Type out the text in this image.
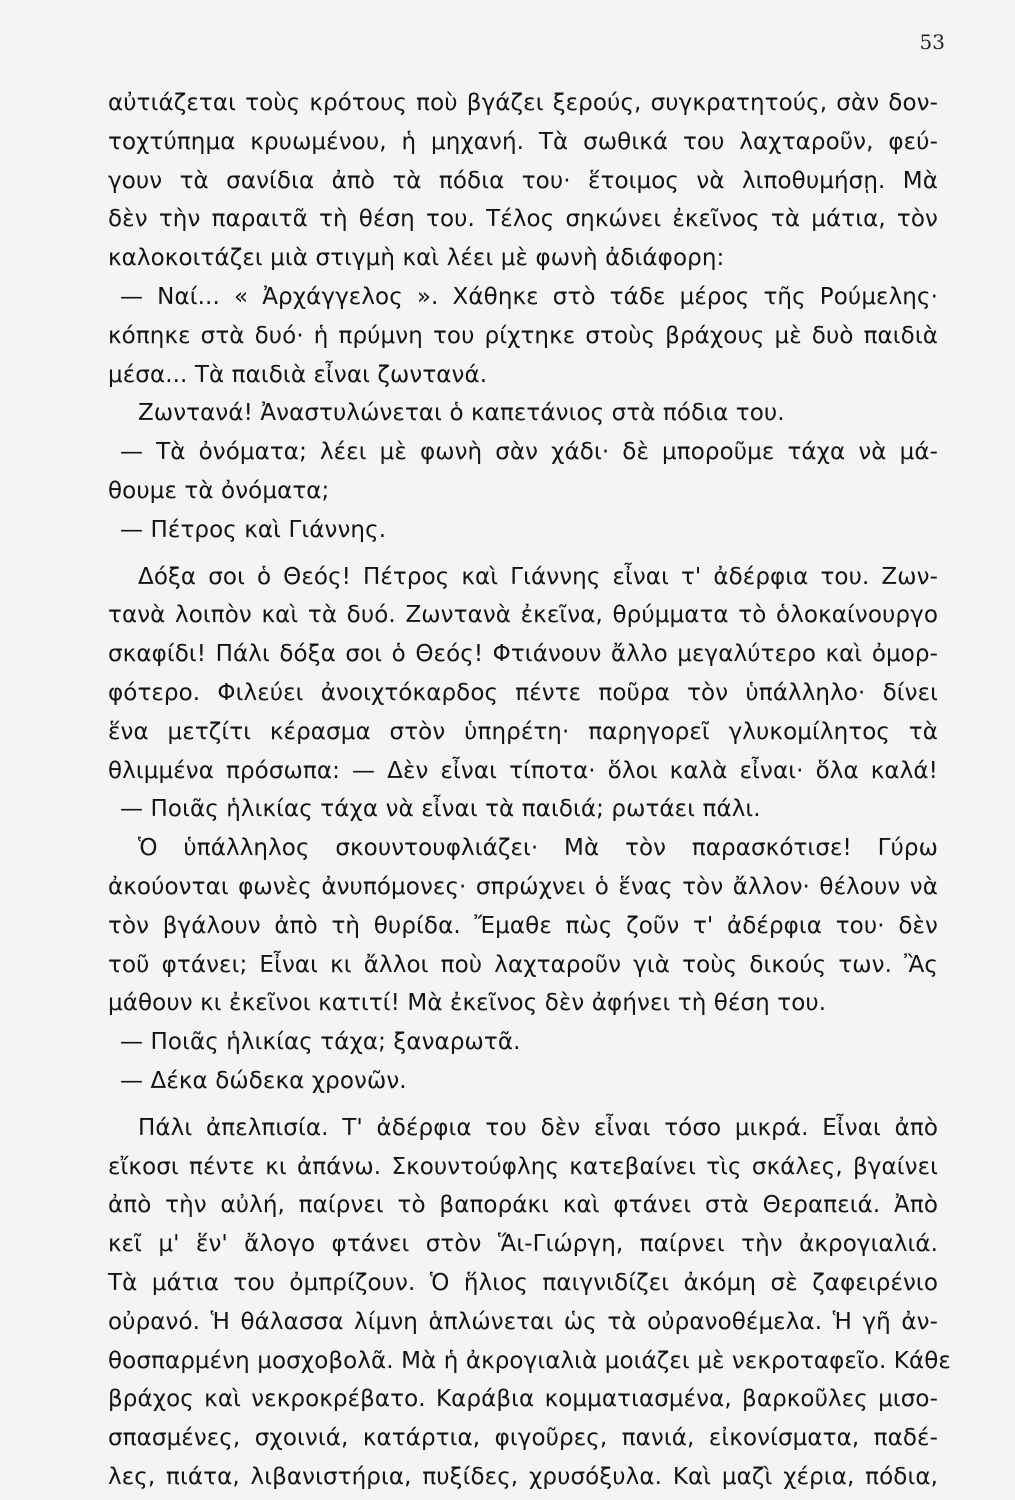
53
αὐτιάζεται τοὺς κρότους ποὺ βγάζει ξερούς, συγκρατητούς, σὰν δον-
τοχτύπημα κρυωμένου, ἡ μηχανή. Τὰ σωθικά του λαχταροῦν, φεύ-
γουν τὰ σανίδια ἀπὸ τὰ πόδια του· ἕτοιμος νὰ λιποθυμήσῃ. Μὰ
δὲν τὴν παραιτᾶ τὴ θέση του. Τέλος σηκώνει ἐκεῖνος τὰ μάτια, τὸν
καλοκοιτάζει μιὰ στιγμὴ καὶ λέει μὲ φωνὴ ἀδιάφορη:
— Ναί... « Ἀρχάγγελος ». Χάθηκε στὸ τάδε μέρος τῆς Ρούμελης·
κόπηκε στὰ δυό· ἡ πρύμνη του ρίχτηκε στοὺς βράχους μὲ δυὸ παιδιὰ
μέσα... Τὰ παιδιὰ εἶναι ζωντανά.
Ζωντανά! Ἀναστυλώνεται ὁ καπετάνιος στὰ πόδια του.
— Τὰ ὀνόματα; λέει μὲ φωνὴ σὰν χάδι· δὲ μποροῦμε τάχα νὰ μά-
θουμε τὰ ὀνόματα;
— Πέτρος καὶ Γιάννης.
Δόξα σοι ὁ Θεός! Πέτρος καὶ Γιάννης εἶναι τ' ἀδέρφια του. Ζων-
τανὰ λοιπὸν καὶ τὰ δυό. Ζωντανὰ ἐκεῖνα, θρύμματα τὸ ὁλοκαίνουργο
σκαφίδι! Πάλι δόξα σοι ὁ Θεός! Φτιάνουν ἄλλο μεγαλύτερο καὶ ὀμορ-
φότερο. Φιλεύει ἀνοιχτόκαρδος πέντε ποῦρα τὸν ὑπάλληλο· δίνει
ἕνα μετζίτι κέρασμα στὸν ὑπηρέτη· παρηγορεῖ γλυκομίλητος τὰ
θλιμμένα πρόσωπα: — Δὲν εἶναι τίποτα· ὅλοι καλὰ εἶναι· ὅλα καλά!
— Ποιᾶς ἡλικίας τάχα νὰ εἶναι τὰ παιδιά; ρωτάει πάλι.
Ὁ ὑπάλληλος σκουντουφλιάζει· Μὰ τὸν παρασκότισε! Γύρω
ἀκούονται φωνὲς ἀνυπόμονες· σπρώχνει ὁ ἕνας τὸν ἄλλον· θέλουν νὰ
τὸν βγάλουν ἀπὸ τὴ θυρίδα. Ἔμαθε πὼς ζοῦν τ' ἀδέρφια του· δὲν
τοῦ φτάνει; Εἶναι κι ἄλλοι ποὺ λαχταροῦν γιὰ τοὺς δικούς των. Ἂς
μάθουν κι ἐκεῖνοι κατιτί! Μὰ ἐκεῖνος δὲν ἀφήνει τὴ θέση του.
— Ποιᾶς ἡλικίας τάχα; ξαναρωτᾶ.
— Δέκα δώδεκα χρονῶν.
Πάλι ἀπελπισία. Τ' ἀδέρφια του δὲν εἶναι τόσο μικρά. Εἶναι ἀπὸ
εἴκοσι πέντε κι ἀπάνω. Σκουντούφλης κατεβαίνει τὶς σκάλες, βγαίνει
ἀπὸ τὴν αὐλή, παίρνει τὸ βαποράκι καὶ φτάνει στὰ Θεραπειά. Ἀπὸ
κεῖ μ' ἕν' ἄλογο φτάνει στὸν Ἅι-Γιώργη, παίρνει τὴν ἀκρογιαλιά.
Τὰ μάτια του ὀμπρίζουν. Ὁ ἥλιος παιγνιδίζει ἀκόμη σὲ ζαφειρένιο
οὐρανό. Ἡ θάλασσα λίμνη ἁπλώνεται ὡς τὰ οὐρανοθέμελα. Ἡ γῆ ἀν-
θοσπαρμένη μοσχοβολᾶ. Μὰ ἡ ἀκρογιαλιὰ μοιάζει μὲ νεκροταφεῖο. Κάθε
βράχος καὶ νεκροκρέβατο. Καράβια κομματιασμένα, βαρκοῦλες μισο-
σπασμένες, σχοινιά, κατάρτια, φιγοῦρες, πανιά, εἰκονίσματα, παδέ-
λες, πιάτα, λιβανιστήρια, πυξίδες, χρυσόξυλα. Καὶ μαζὶ χέρια, πόδια,
